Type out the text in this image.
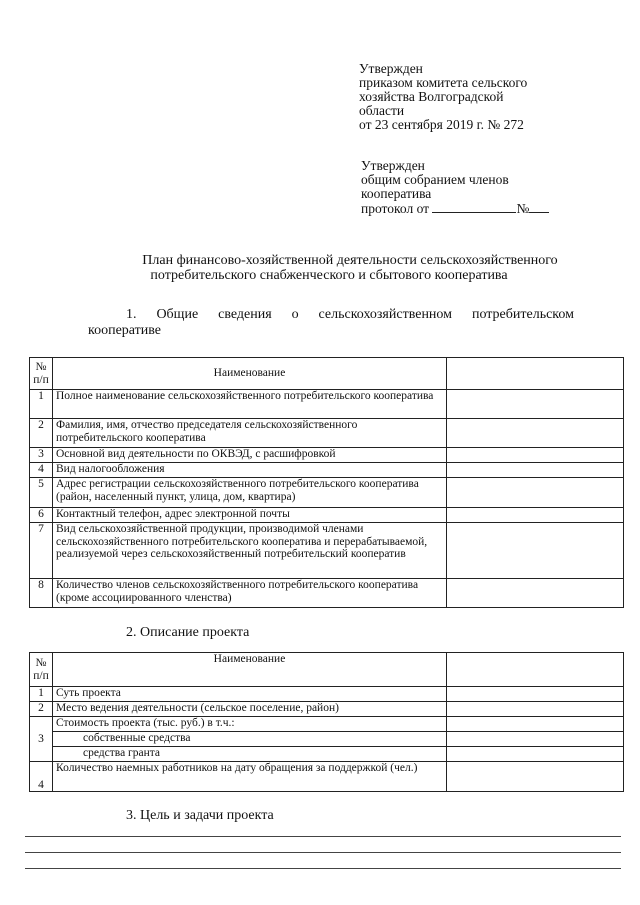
Утвержден
приказом комитета сельского
хозяйства Волгоградской
области
от 23 сентября 2019 г. № 272
Утвержден
общим собранием членов
кооператива
протокол от	№
План финансово-хозяйственной деятельности сельскохозяйственного
потребительского снабженческого и сбытового кооператива
1. Общие сведения о сельскохозяйственном потребительском
кооперативе
№ п/п	Наименование	
1	Полное наименование сельскохозяйственного потребительского кооператива	
2	Фамилия, имя, отчество председателя сельскохозяйственного потребительского кооператива	
3	Основной вид деятельности по ОКВЭД, с расшифровкой	
4	Вид налогообложения	
5	Адрес регистрации сельскохозяйственного потребительского кооператива (район, населенный пункт, улица, дом, квартира)	
6	Контактный телефон, адрес электронной почты	
7	Вид сельскохозяйственной продукции, производимой членами сельскохозяйственного потребительского кооператива и перерабатываемой, реализуемой через сельскохозяйственный потребительский кооператив	
8	Количество членов сельскохозяйственного потребительского кооператива (кроме ассоциированного членства)	
2. Описание проекта
№ п/п	Наименование	
1	Суть проекта	
2	Место ведения деятельности (сельское поселение, район)	
3	Стоимость проекта (тыс. руб.) в т.ч.:	
	собственные средства	
	средства гранта	
4	Количество наемных работников на дату обращения за поддержкой (чел.)	
3. Цель и задачи проекта
